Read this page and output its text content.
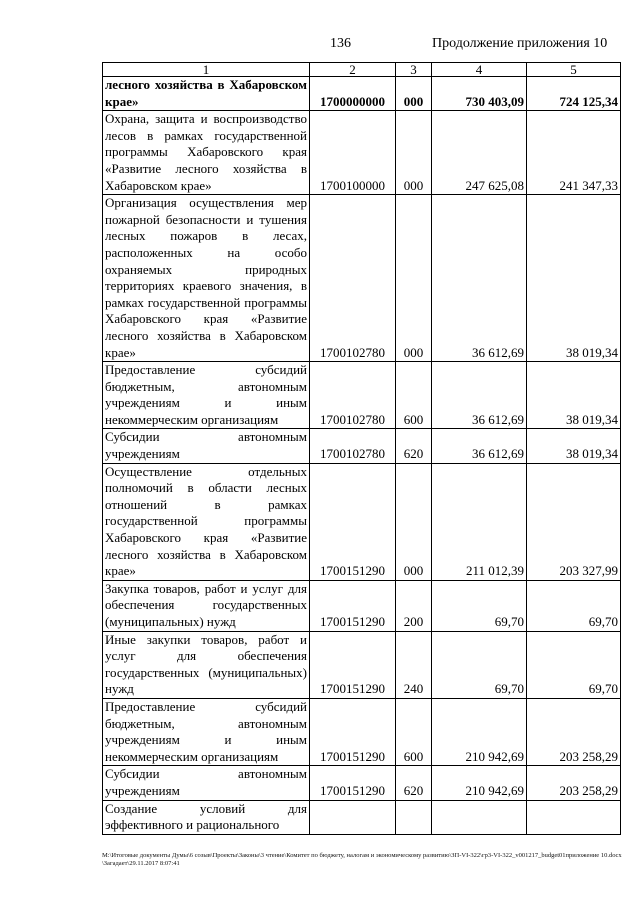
136	Продолжение приложения 10
1	2	3	4	5
лесного хозяйства в Хабаровском крае»	1700000000	000	730 403,09	724 125,34
Охрана, защита и воспроизводство лесов в рамках государственной программы Хабаровского края «Развитие лесного хозяйства в Хабаровском крае»	1700100000	000	247 625,08	241 347,33
Организация осуществления мер пожарной безопасности и тушения лесных пожаров в лесах, расположенных на особо охраняемых природных территориях краевого значения, в рамках государственной программы Хабаровского края «Развитие лесного хозяйства в Хабаровском крае»	1700102780	000	36 612,69	38 019,34
Предоставление субсидий бюджетным, автономным учреждениям и иным некоммерческим организациям	1700102780	600	36 612,69	38 019,34
Субсидии автономным учреждениям	1700102780	620	36 612,69	38 019,34
Осуществление отдельных полномочий в области лесных отношений в рамках государственной программы Хабаровского края «Развитие лесного хозяйства в Хабаровском крае»	1700151290	000	211 012,39	203 327,99
Закупка товаров, работ и услуг для обеспечения государственных (муниципальных) нужд	1700151290	200	69,70	69,70
Иные закупки товаров, работ и услуг для обеспечения государственных (муниципальных) нужд	1700151290	240	69,70	69,70
Предоставление субсидий бюджетным, автономным учреждениям и иным некоммерческим организациям	1700151290	600	210 942,69	203 258,29
Субсидии автономным учреждениям	1700151290	620	210 942,69	203 258,29
Создание условий для эффективного и рационального				
M:\Итоговые документы Думы\6 созыв\Проекты\Законы\3 чтение\Комитет по бюджету, налогам и экономическому развитию\ЗП-VI-322\гр3-VI-322_v001217_budget01приложение 10.docx\Загадает\29.11.2017 8:07:41
